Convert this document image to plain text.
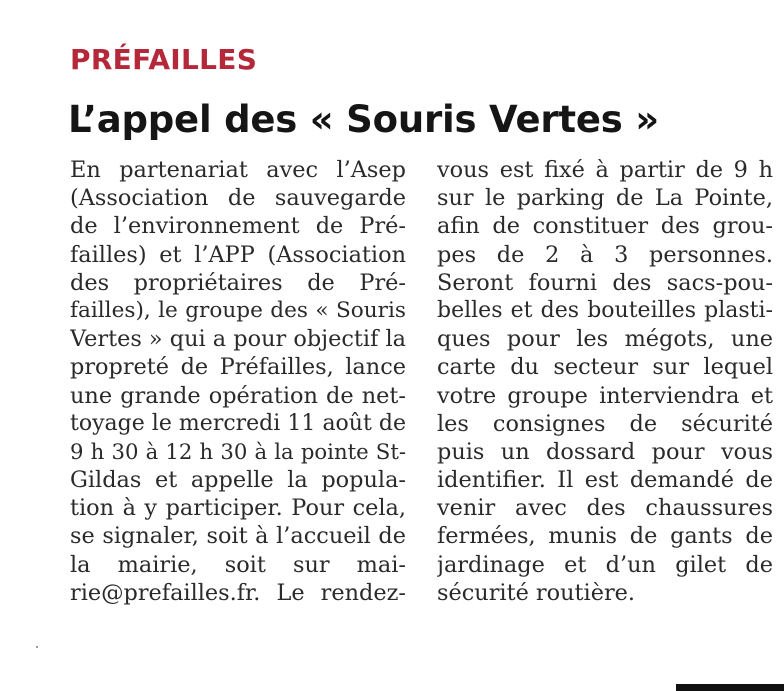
PRÉFAILLES
L’appel des « Souris Vertes »
En partenariat avec l’Asep
(Association de sauvegarde
de l’environnement de Pré-
failles) et l’APP (Association
des propriétaires de Pré-
failles), le groupe des « Souris
Vertes » qui a pour objectif la
propreté de Préfailles, lance
une grande opération de net-
toyage le mercredi 11 août de
9 h 30 à 12 h 30 à la pointe St-
Gildas et appelle la popula-
tion à y participer. Pour cela,
se signaler, soit à l’accueil de
la mairie, soit sur mai-
rie@prefailles.fr. Le rendez-
vous est fixé à partir de 9 h
sur le parking de La Pointe,
afin de constituer des grou-
pes de 2 à 3 personnes.
Seront fourni des sacs-pou-
belles et des bouteilles plasti-
ques pour les mégots, une
carte du secteur sur lequel
votre groupe interviendra et
les consignes de sécurité
puis un dossard pour vous
identifier. Il est demandé de
venir avec des chaussures
fermées, munis de gants de
jardinage et d’un gilet de
sécurité routière.
